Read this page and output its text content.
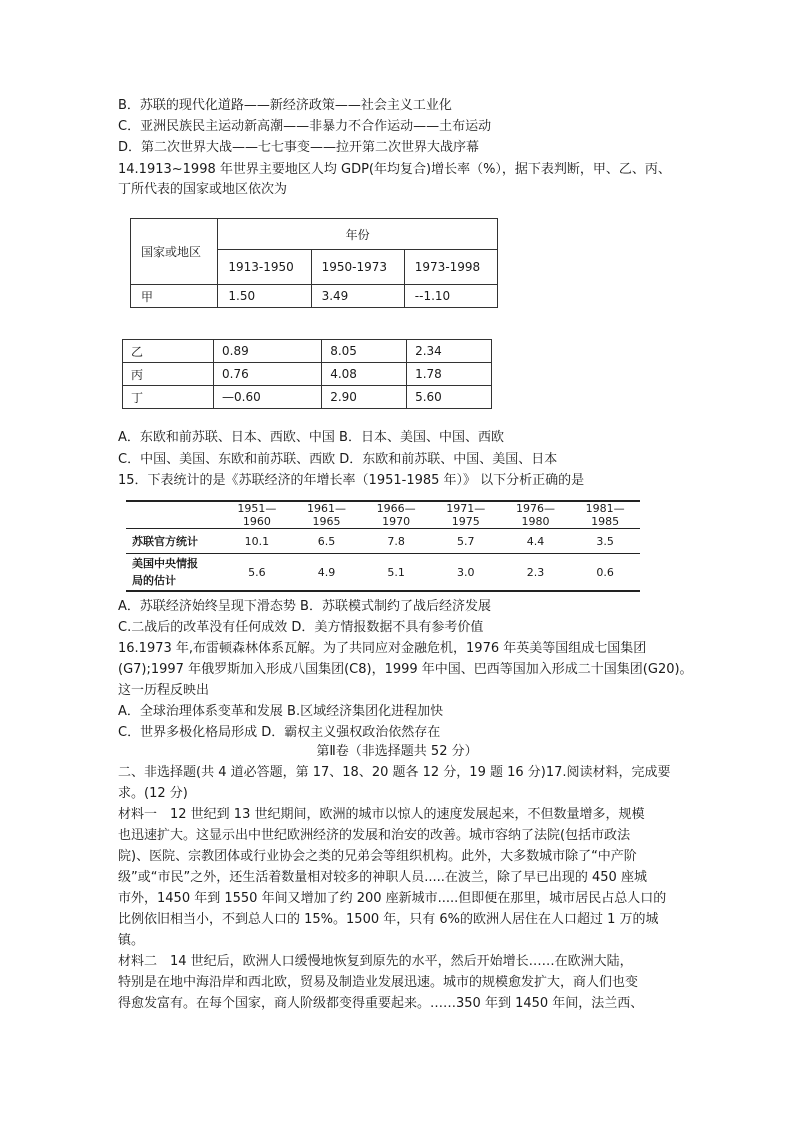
B．苏联的现代化道路——新经济政策——社会主义工业化
C．亚洲民族民主运动新高潮——非暴力不合作运动——土布运动
D．第二次世界大战——七七事变——拉开第二次世界大战序幕
14.1913~1998 年世界主要地区人均 GDP(年均复合)增长率（%），据下表判断，甲、乙、丙、
丁所代表的国家或地区依次为
国家或地区	年份		
	1913-1950	1950-1973	1973-1998
甲	1.50	3.49	--1.10
乙	0.89	8.05	2.34
丙	0.76	4.08	1.78
丁	—0.60	2.90	5.60
A．东欧和前苏联、日本、西欧、中国 B．日本、美国、中国、西欧
C．中国、美国、东欧和前苏联、西欧 D．东欧和前苏联、中国、美国、日本
15．下表统计的是《苏联经济的年增长率（1951-1985 年）》 以下分析正确的是
	1951—1960	1961—1965	1966—1970	1971—1975	1976—1980	1981—1985
苏联官方统计	10.1	6.5	7.8	5.7	4.4	3.5

美国中央情报
局的估计	5.6	4.9	5.1	3.0	2.3	0.6
A．苏联经济始终呈现下滑态势 B．苏联模式制约了战后经济发展
C.二战后的改革没有任何成效 D．美方情报数据不具有参考价值
16.1973 年,布雷顿森林体系瓦解。为了共同应对金融危机，1976 年英美等国组成七国集团
(G7);1997 年俄罗斯加入形成八国集团(C8)，1999 年中国、巴西等国加入形成二十国集团(G20)。
这一历程反映出
A．全球治理体系变革和发展 B.区域经济集团化进程加快
C．世界多极化格局形成 D．霸权主义强权政治依然存在
第Ⅱ卷（非选择题共 52 分）
二、非选择题(共 4 道必答题，第 17、18、20 题各 12 分，19 题 16 分)17.阅读材料，完成要
求。(12 分)
材料一　12 世纪到 13 世纪期间，欧洲的城市以惊人的速度发展起来，不但数量增多，规模
也迅速扩大。这显示出中世纪欧洲经济的发展和治安的改善。城市容纳了法院(包括市政法
院)、医院、宗教团体或行业协会之类的兄弟会等组织机构。此外，大多数城市除了“中产阶
级”或“市民”之外，还生活着数量相对较多的神职人员.....在波兰，除了早已出现的 450 座城
市外，1450 年到 1550 年间又增加了约 200 座新城市.....但即便在那里，城市居民占总人口的
比例依旧相当小，不到总人口的 15%。1500 年，只有 6%的欧洲人居住在人口超过 1 万的城
镇。
材料二　14 世纪后，欧洲人口缓慢地恢复到原先的水平，然后开始增长……在欧洲大陆，
特别是在地中海沿岸和西北欧，贸易及制造业发展迅速。城市的规模愈发扩大，商人们也变
得愈发富有。在每个国家，商人阶级都变得重要起来。……350 年到 1450 年间，法兰西、
